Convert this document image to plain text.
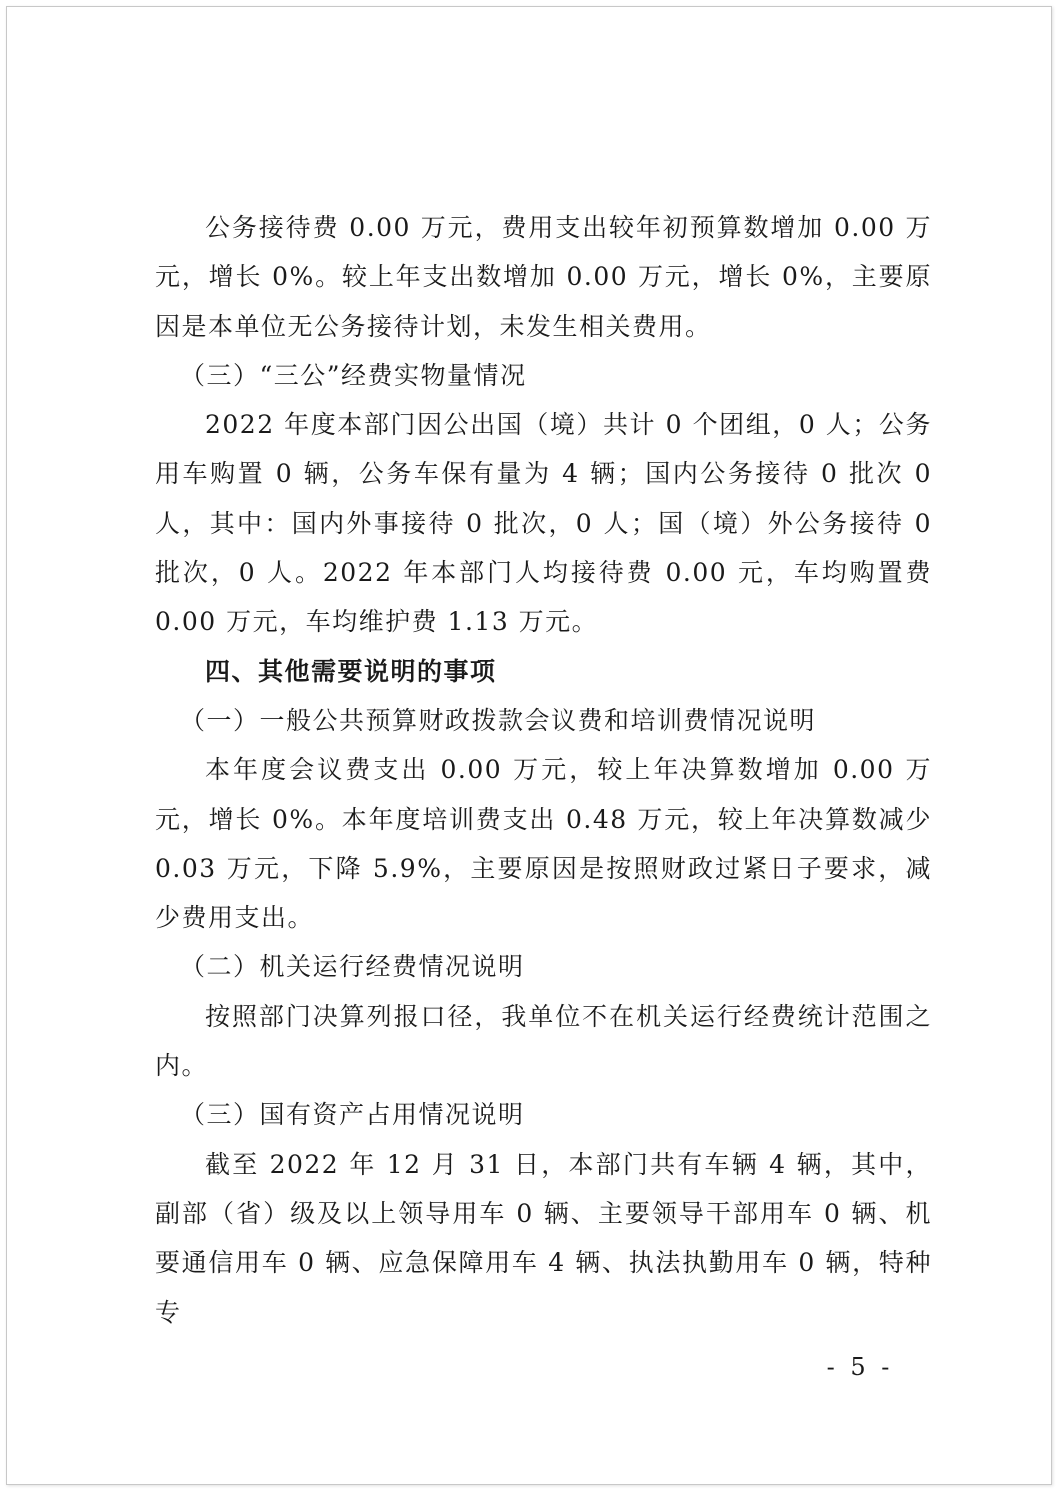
公务接待费 0.00 万元，费用支出较年初预算数增加 0.00 万元，增长 0%。较上年支出数增加 0.00 万元，增长 0%，主要原因是本单位无公务接待计划，未发生相关费用。

（三）“三公”经费实物量情况

2022 年度本部门因公出国（境）共计 0 个团组，0 人；公务用车购置 0 辆，公务车保有量为 4 辆；国内公务接待 0 批次 0 人，其中：国内外事接待 0 批次，0 人；国（境）外公务接待 0 批次，0 人。2022 年本部门人均接待费 0.00 元，车均购置费 0.00 万元，车均维护费 1.13 万元。

四、其他需要说明的事项

（一）一般公共预算财政拨款会议费和培训费情况说明

本年度会议费支出 0.00 万元，较上年决算数增加 0.00 万元，增长 0%。本年度培训费支出 0.48 万元，较上年决算数减少 0.03 万元，下降 5.9%，主要原因是按照财政过紧日子要求，减少费用支出。

（二）机关运行经费情况说明

按照部门决算列报口径，我单位不在机关运行经费统计范围之内。

（三）国有资产占用情况说明

截至 2022 年 12 月 31 日，本部门共有车辆 4 辆，其中，副部（省）级及以上领导用车 0 辆、主要领导干部用车 0 辆、机要通信用车 0 辆、应急保障用车 4 辆、执法执勤用车 0 辆，特种专

- 5 -
